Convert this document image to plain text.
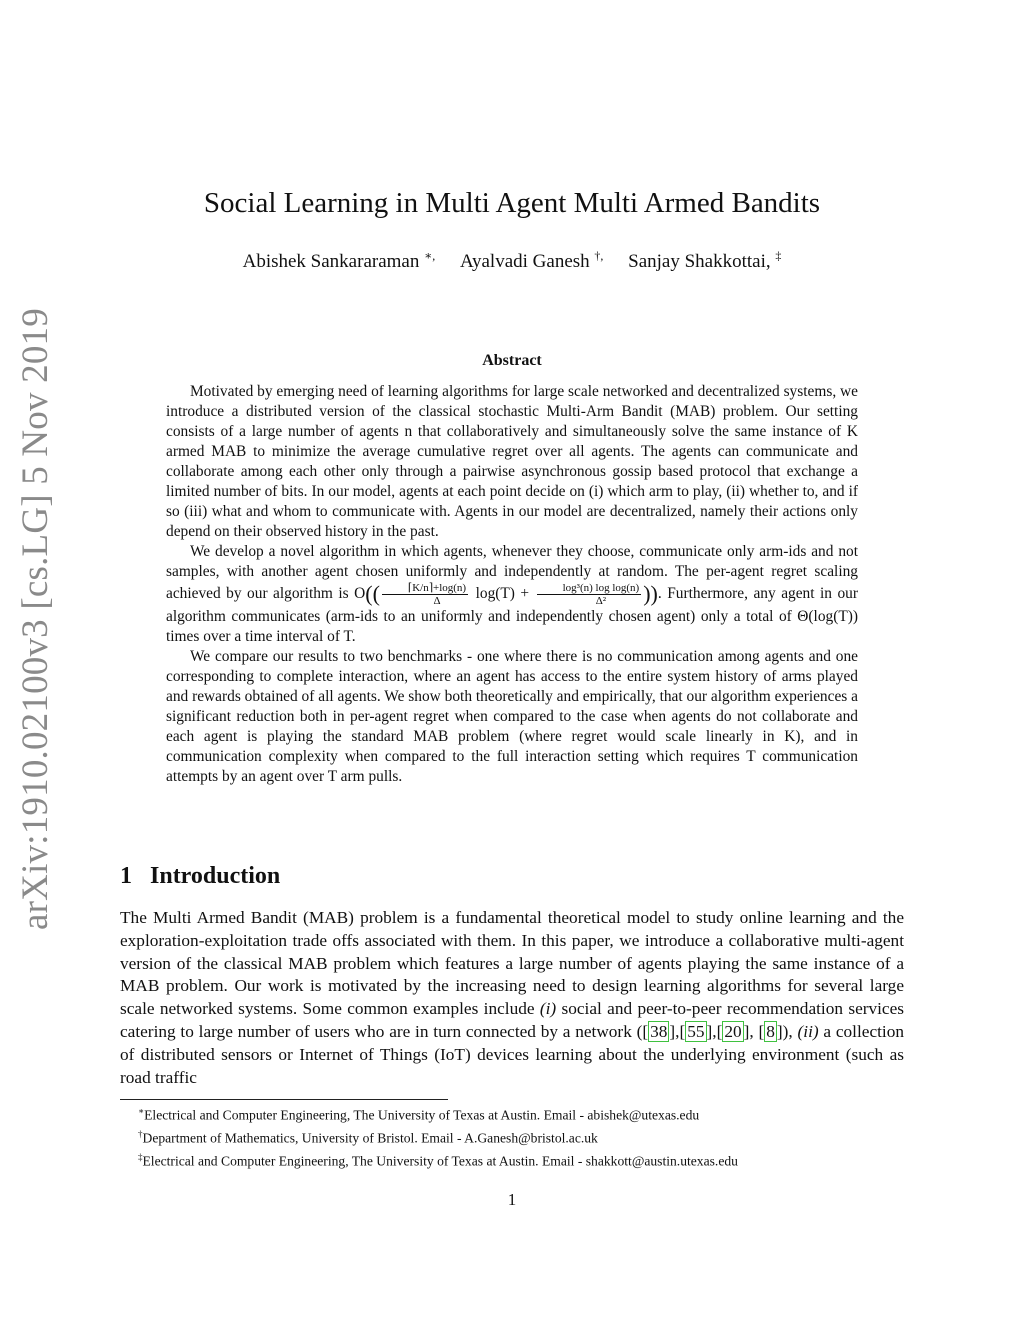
arXiv:1910.02100v3 [cs.LG] 5 Nov 2019
Social Learning in Multi Agent Multi Armed Bandits
Abishek Sankararaman ∗, Ayalvadi Ganesh †, Sanjay Shakkottai, ‡
Abstract

Motivated by emerging need of learning algorithms for large scale networked and decentralized systems, we introduce a distributed version of the classical stochastic Multi-Arm Bandit (MAB) problem. Our setting consists of a large number of agents n that collaboratively and simultaneously solve the same instance of K armed MAB to minimize the average cumulative regret over all agents. The agents can communicate and collaborate among each other only through a pairwise asynchronous gossip based protocol that exchange a limited number of bits. In our model, agents at each point decide on (i) which arm to play, (ii) whether to, and if so (iii) what and whom to communicate with. Agents in our model are decentralized, namely their actions only depend on their observed history in the past.

We develop a novel algorithm in which agents, whenever they choose, communicate only arm-ids and not samples, with another agent chosen uniformly and independently at random. The per-agent regret scaling achieved by our algorithm is $O(( \frac{⌈K/n⌉+\log(n)}{\Delta} \log(T) + \frac{\text{log³(n) log log(n)}}{\text{Δ²}}$ )). Furthermore, any agent in our algorithm communicates (arm-ids to an uniformly and independently chosen agent) only a total of Θ(log(T)) times over a time interval of T.

We compare our results to two benchmarks - one where there is no communication among agents and one corresponding to complete interaction, where an agent has access to the entire system history of arms played and rewards obtained of all agents. We show both theoretically and empirically, that our algorithm experiences a significant reduction both in per-agent regret when compared to the case when agents do not collaborate and each agent is playing the standard MAB problem (where regret would scale linearly in K), and in communication complexity when compared to the full interaction setting which requires T communication attempts by an agent over T arm pulls.

1 Introduction

The Multi Armed Bandit (MAB) problem is a fundamental theoretical model to study online learning and the exploration-exploitation trade offs associated with them. In this paper, we introduce a collaborative multi-agent version of the classical MAB problem which features a large number of agents playing the same instance of a MAB problem. Our work is motivated by the increasing need to design learning algorithms for several large scale networked systems. Some common examples include (i) social and peer-to-peer recommendation services catering to large number of users who are in turn connected by a network ([ 38 ],[ 55 ],[ 20 ], [ 8 ]), (ii) a collection of distributed sensors or Internet of Things (IoT) devices learning about the underlying environment (such as road traffic

∗Electrical and Computer Engineering, The University of Texas at Austin. Email - abishek@utexas.edu
†Department of Mathematics, University of Bristol. Email - A.Ganesh@bristol.ac.uk
‡Electrical and Computer Engineering, The University of Texas at Austin. Email - shakkott@austin.utexas.edu
1
